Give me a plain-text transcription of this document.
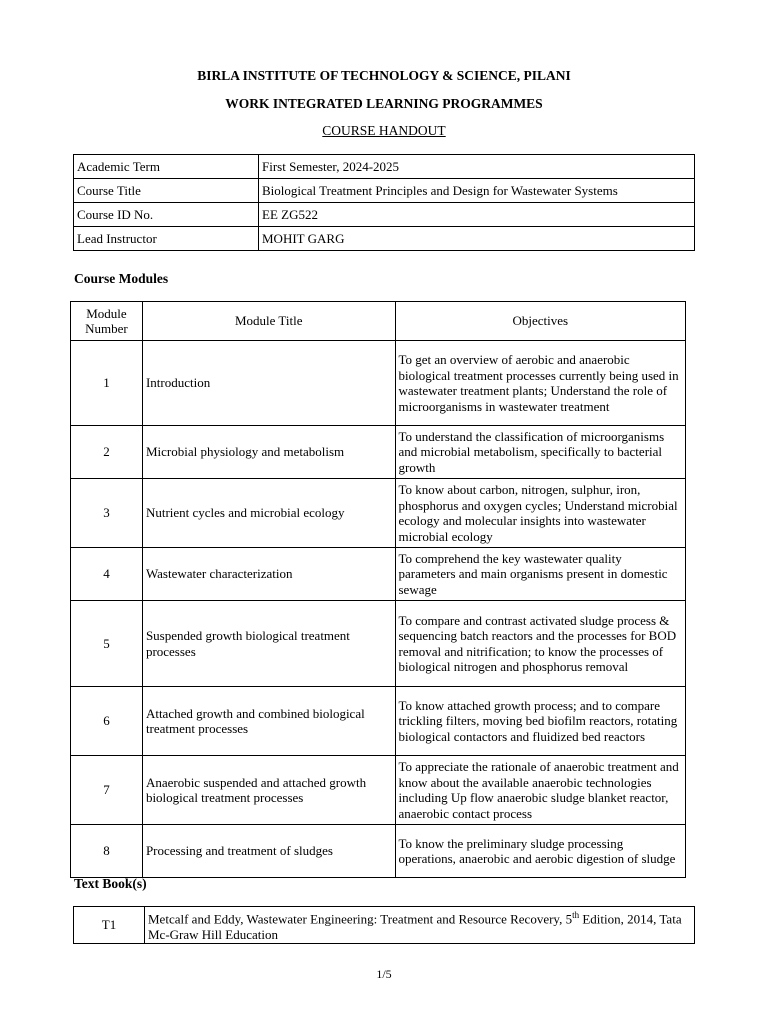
BIRLA INSTITUTE OF TECHNOLOGY & SCIENCE, PILANI
WORK INTEGRATED LEARNING PROGRAMMES
COURSE HANDOUT
Academic Term	First Semester, 2024-2025
Course Title	Biological Treatment Principles and Design for Wastewater Systems
Course ID No.	EE ZG522
Lead Instructor	MOHIT GARG
Course Modules
Module Number	Module Title	Objectives
1	Introduction	To get an overview of aerobic and anaerobic biological treatment processes currently being used in wastewater treatment plants; Understand the role of microorganisms in wastewater treatment
2	Microbial physiology and metabolism	To understand the classification of microorganisms and microbial metabolism, specifically to bacterial growth
3	Nutrient cycles and microbial ecology	To know about carbon, nitrogen, sulphur, iron, phosphorus and oxygen cycles; Understand microbial ecology and molecular insights into wastewater microbial ecology
4	Wastewater characterization	To comprehend the key wastewater quality parameters and main organisms present in domestic sewage
5	Suspended growth biological treatment processes	To compare and contrast activated sludge process & sequencing batch reactors and the processes for BOD removal and nitrification; to know the processes of biological nitrogen and phosphorus removal
6	Attached growth and combined biological treatment processes	To know attached growth process; and to compare trickling filters, moving bed biofilm reactors, rotating biological contactors and fluidized bed reactors
7	Anaerobic suspended and attached growth biological treatment processes	To appreciate the rationale of anaerobic treatment and know about the available anaerobic technologies including Up flow anaerobic sludge blanket reactor, anaerobic contact process
8	Processing and treatment of sludges	To know the preliminary sludge processing operations, anaerobic and aerobic digestion of sludge
Text Book(s)
T1	Metcalf and Eddy, Wastewater Engineering: Treatment and Resource Recovery, 5th Edition, 2014, Tata Mc-Graw Hill Education
1/5
